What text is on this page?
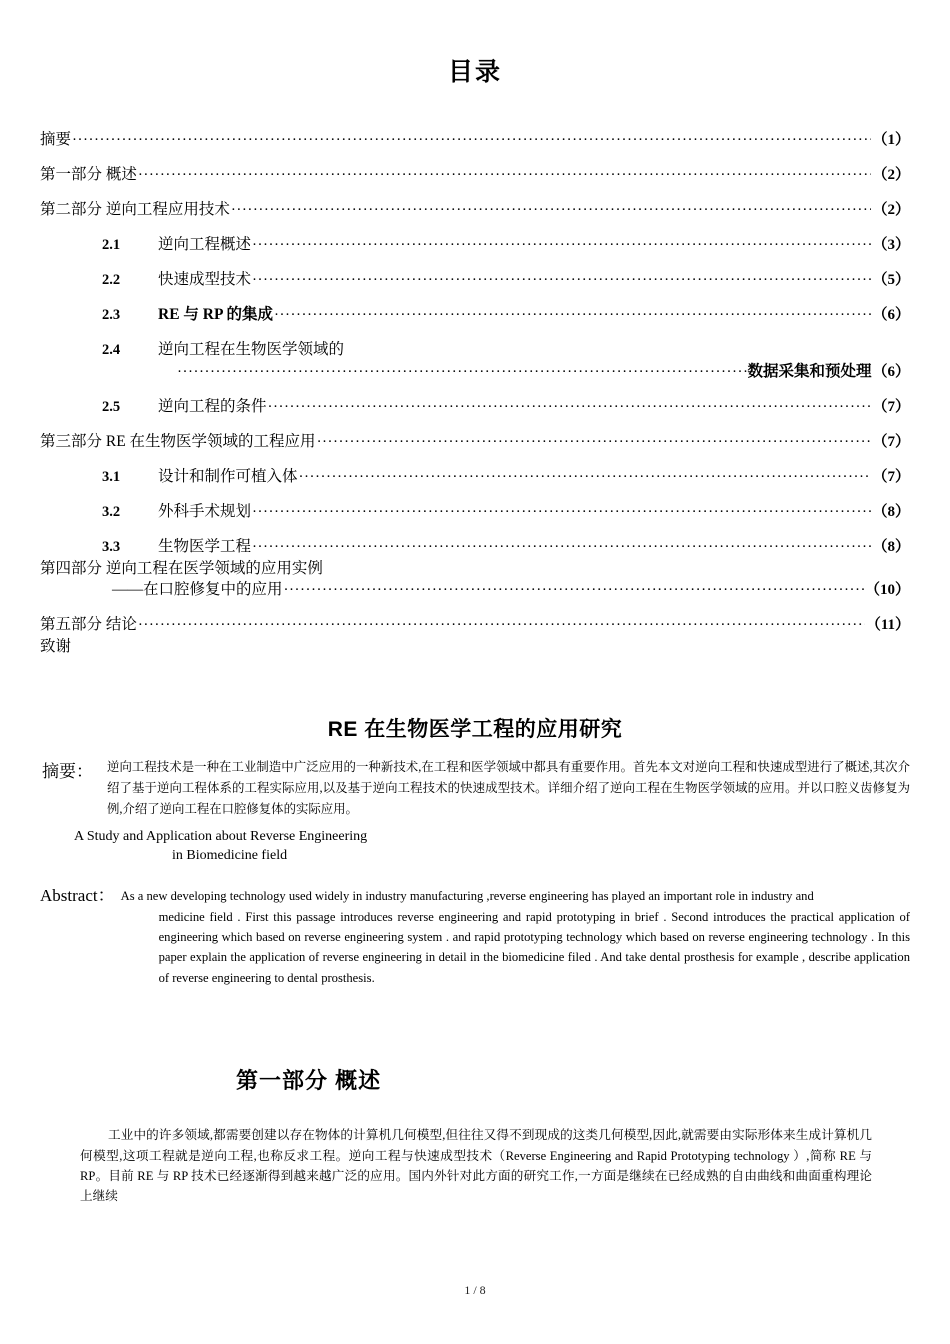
目录
摘要 ·····	（1）
第一部分 概述 ·····	（2）
第二部分 逆向工程应用技术 ·····	（2）
2.1	逆向工程概述 ·····	（3）
2.2	快速成型技术 ·····	（5）
2.3	RE 与 RP 的集成 ·····	（6）
2.4	逆向工程在生物医学领域的
·····
数据采集和预处理 （6）
2.5	逆向工程的条件 ·····	（7）
第三部分 RE 在生物医学领域的工程应用 ·····	（7）
3.1	设计和制作可植入体 ·····	（7）
3.2	外科手术规划 ·····	（8）
3.3	生物医学工程 ·····	（8）
第四部分 逆向工程在医学领域的应用实例
——在口腔修复中的应用 ·····	（10）
第五部分 结论 ·····	（11）
致谢
RE 在生物医学工程的应用研究
摘要：	逆向工程技术是一种在工业制造中广泛应用的一种新技术,在工程和医学领域中都具有重要作用。首先本文对逆向工程和快速成型进行了概述,其次介绍了基于逆向工程体系的工程实际应用,以及基于逆向工程技术的快速成型技术。详细介绍了逆向工程在生物医学领域的应用。并以口腔义齿修复为例,介绍了逆向工程在口腔修复体的实际应用。
A Study and Application about Reverse Engineering
in Biomedicine field
Abstract： As a new developing technology used widely in industry manufacturing ,reverse engineering has played an important role in industry and

medicine field . First this passage introduces reverse engineering and rapid prototyping in brief . Second introduces the practical application of engineering which based on reverse engineering system . and rapid prototyping technology which based on reverse engineering technology . In this paper explain the application of reverse engineering in detail in the biomedicine filed . And take dental prosthesis for example , describe application of reverse engineering to dental prosthesis.

第一部分 概述
工业中的许多领域,都需要创建以存在物体的计算机几何模型,但往往又得不到现成的这类几何模型,因此,就需要由实际形体来生成计算机几何模型,这项工程就是逆向工程,也称反求工程。逆向工程与快速成型技术（Reverse Engineering and Rapid Prototyping technology ）,简称 RE 与 RP。目前 RE 与 RP 技术已经逐渐得到越来越广泛的应用。国内外针对此方面的研究工作,一方面是继续在已经成熟的自由曲线和曲面重构理论上继续
1 / 8
